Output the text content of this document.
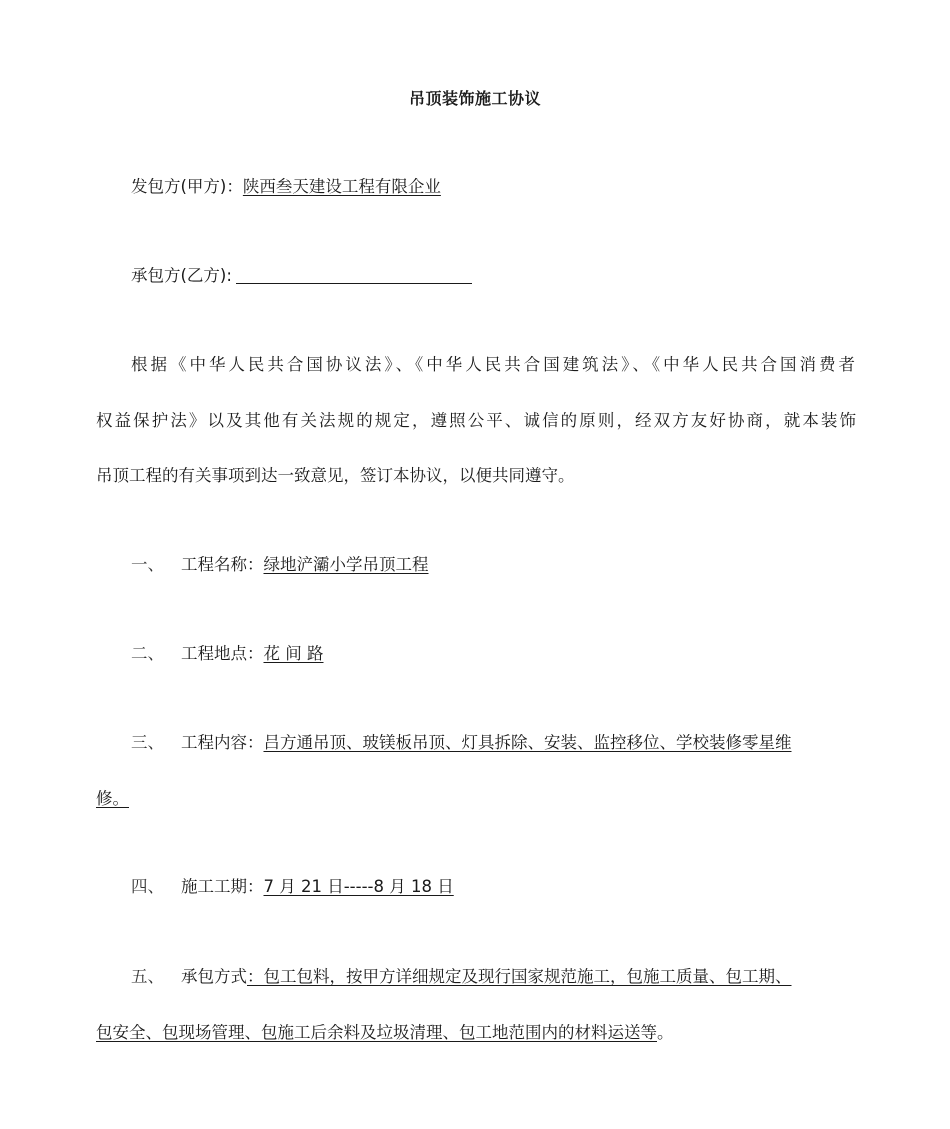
吊顶装饰施工协议
发包方(甲方)：陕西叁天建设工程有限企业
承包方(乙方):
根据《中华人民共合国协议法》、《中华人民共合国建筑法》、《中华人民共合国消费者
权益保护法》以及其他有关法规的规定，遵照公平、诚信的原则，经双方友好协商，就本装饰
吊顶工程的有关事项到达一致意见，签订本协议，以便共同遵守。
一、 工程名称：绿地浐灞小学吊顶工程
二、 工程地点：花 间 路
三、 工程内容：吕方通吊顶、玻镁板吊顶、灯具拆除、安装、监控移位、学校装修零星维
修。
四、 施工工期：7 月 21 日-----8 月 18 日
五、 承包方式：包工包料，按甲方详细规定及现行国家规范施工，包施工质量、包工期、
包安全、包现场管理、包施工后余料及垃圾清理、包工地范围内的材料运送等。
